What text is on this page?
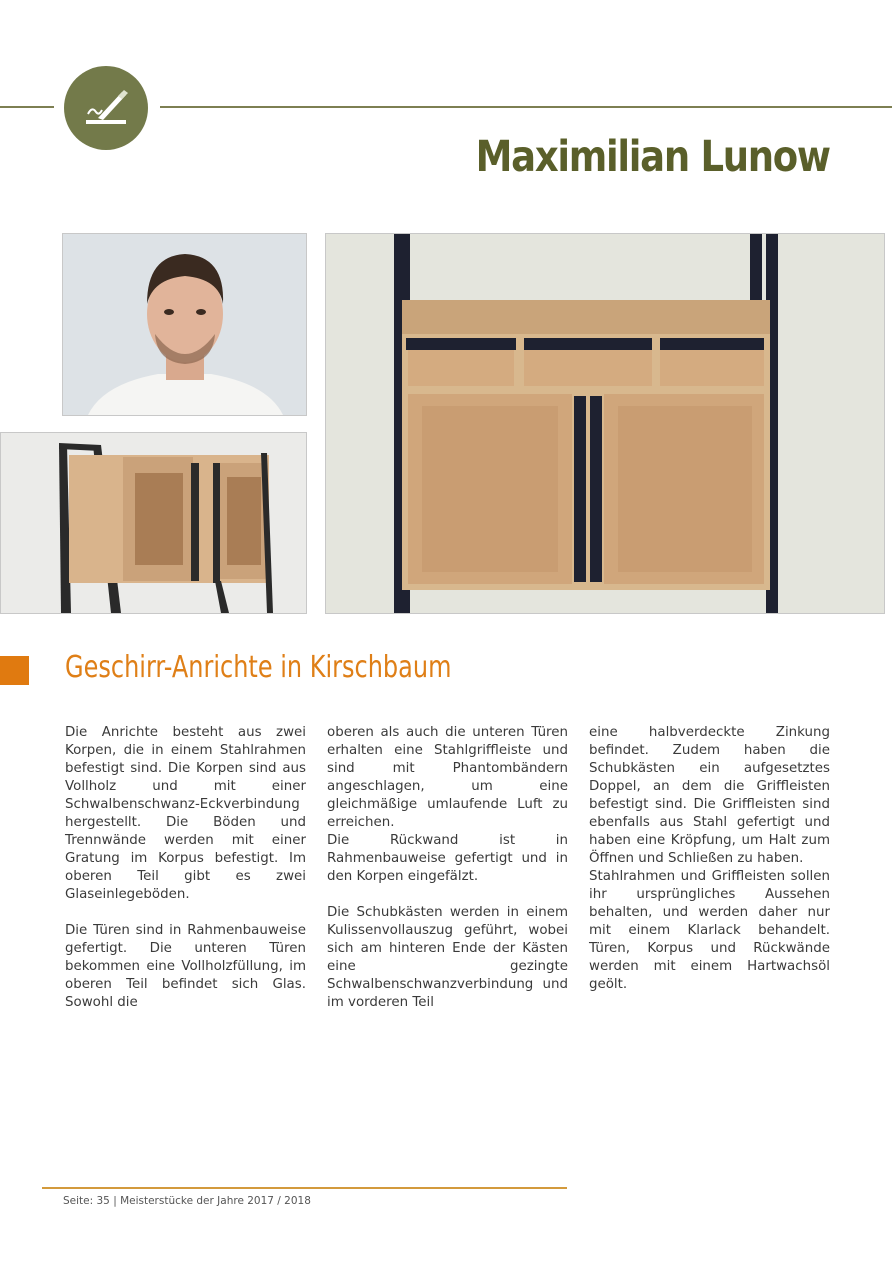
Maximilian Lunow
Geschirr-Anrichte in Kirschbaum

Die Anrichte besteht aus zwei Korpen, die in einem Stahlrahmen befestigt sind. Die Korpen sind aus Vollholz und mit einer Schwalbenschwanz-Eckverbindung hergestellt. Die Böden und Trennwände werden mit einer Gratung im Korpus befestigt. Im oberen Teil gibt es zwei Glaseinlegeböden.

Die Türen sind in Rahmenbauweise gefertigt. Die unteren Türen bekommen eine Vollholzfüllung, im oberen Teil befindet sich Glas. Sowohl die

oberen als auch die unteren Türen erhalten eine Stahlgriffleiste und sind mit Phantombändern angeschlagen, um eine gleichmäßige umlaufende Luft zu erreichen.

Die Rückwand ist in Rahmenbauweise gefertigt und in den Korpen eingefälzt.

Die Schubkästen werden in einem Kulissenvollauszug geführt, wobei sich am hinteren Ende der Kästen eine gezingte Schwalbenschwanzverbindung und im vorderen Teil

eine halbverdeckte Zinkung befindet. Zudem haben die Schubkästen ein aufgesetztes Doppel, an dem die Griffleisten befestigt sind. Die Griffleisten sind ebenfalls aus Stahl gefertigt und haben eine Kröpfung, um Halt zum Öffnen und Schließen zu haben.

Stahlrahmen und Griffleisten sollen ihr ursprüngliches Aussehen behalten, und werden daher nur mit einem Klarlack behandelt. Türen, Korpus und Rückwände werden mit einem Hartwachsöl geölt.

Seite: 35 | Meisterstücke der Jahre 2017 / 2018
